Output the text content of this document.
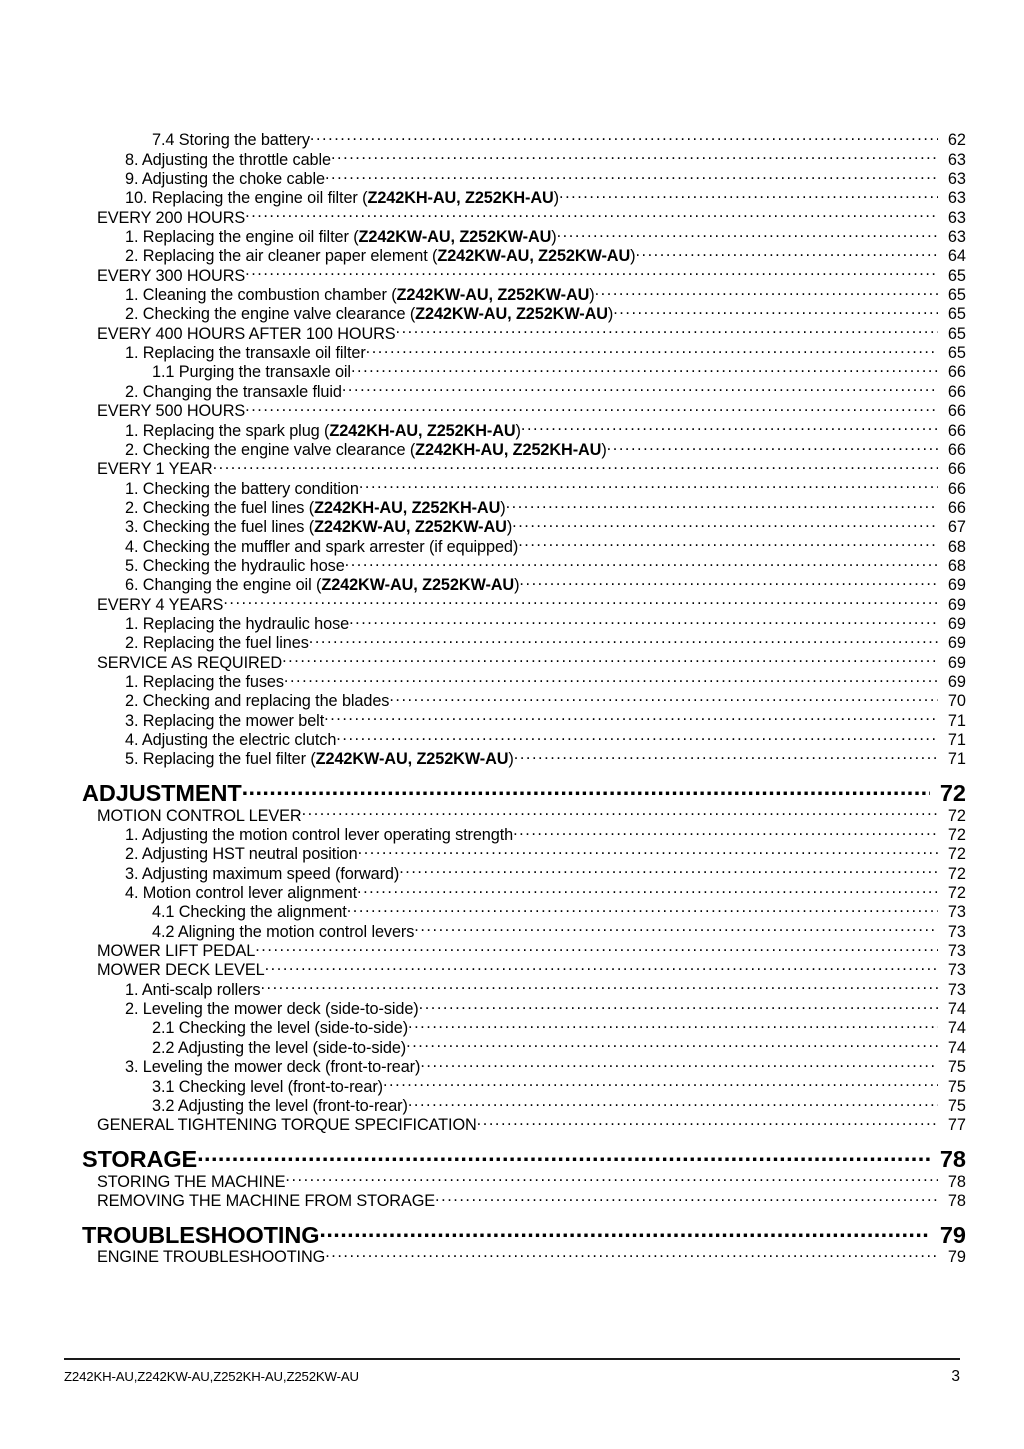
7.4 Storing the battery .....	62
8. Adjusting the throttle cable .....	63
9. Adjusting the choke cable .....	63
10. Replacing the engine oil filter (Z242KH-AU, Z252KH-AU) .....	63
EVERY 200 HOURS .....	63
1. Replacing the engine oil filter (Z242KW-AU, Z252KW-AU) .....	63
2. Replacing the air cleaner paper element (Z242KW-AU, Z252KW-AU) .....	64
EVERY 300 HOURS .....	65
1. Cleaning the combustion chamber (Z242KW-AU, Z252KW-AU) .....	65
2. Checking the engine valve clearance (Z242KW-AU, Z252KW-AU) .....	65
EVERY 400 HOURS AFTER 100 HOURS .....	65
1. Replacing the transaxle oil filter .....	65
1.1 Purging the transaxle oil .....	66
2. Changing the transaxle fluid .....	66
EVERY 500 HOURS .....	66
1. Replacing the spark plug (Z242KH-AU, Z252KH-AU) .....	66
2. Checking the engine valve clearance (Z242KH-AU, Z252KH-AU) .....	66
EVERY 1 YEAR .....	66
1. Checking the battery condition .....	66
2. Checking the fuel lines (Z242KH-AU, Z252KH-AU) .....	66
3. Checking the fuel lines (Z242KW-AU, Z252KW-AU) .....	67
4. Checking the muffler and spark arrester (if equipped) .....	68
5. Checking the hydraulic hose .....	68
6. Changing the engine oil (Z242KW-AU, Z252KW-AU) .....	69
EVERY 4 YEARS .....	69
1. Replacing the hydraulic hose .....	69
2. Replacing the fuel lines .....	69
SERVICE AS REQUIRED .....	69
1. Replacing the fuses .....	69
2. Checking and replacing the blades .....	70
3. Replacing the mower belt .....	71
4. Adjusting the electric clutch .....	71
5. Replacing the fuel filter (Z242KW-AU, Z252KW-AU) .....	71
ADJUSTMENT .....	72
MOTION CONTROL LEVER .....	72
1. Adjusting the motion control lever operating strength .....	72
2. Adjusting HST neutral position .....	72
3. Adjusting maximum speed (forward) .....	72
4. Motion control lever alignment .....	72
4.1 Checking the alignment .....	73
4.2 Aligning the motion control levers .....	73
MOWER LIFT PEDAL .....	73
MOWER DECK LEVEL .....	73
1. Anti-scalp rollers .....	73
2. Leveling the mower deck (side-to-side) .....	74
2.1 Checking the level (side-to-side) .....	74
2.2 Adjusting the level (side-to-side) .....	74
3. Leveling the mower deck (front-to-rear) .....	75
3.1 Checking level (front-to-rear) .....	75
3.2 Adjusting the level (front-to-rear) .....	75
GENERAL TIGHTENING TORQUE SPECIFICATION .....	77
STORAGE .....	78
STORING THE MACHINE .....	78
REMOVING THE MACHINE FROM STORAGE .....	78
TROUBLESHOOTING .....	79
ENGINE TROUBLESHOOTING .....	79
Z242KH-AU,Z242KW-AU,Z252KH-AU,Z252KW-AU	3
